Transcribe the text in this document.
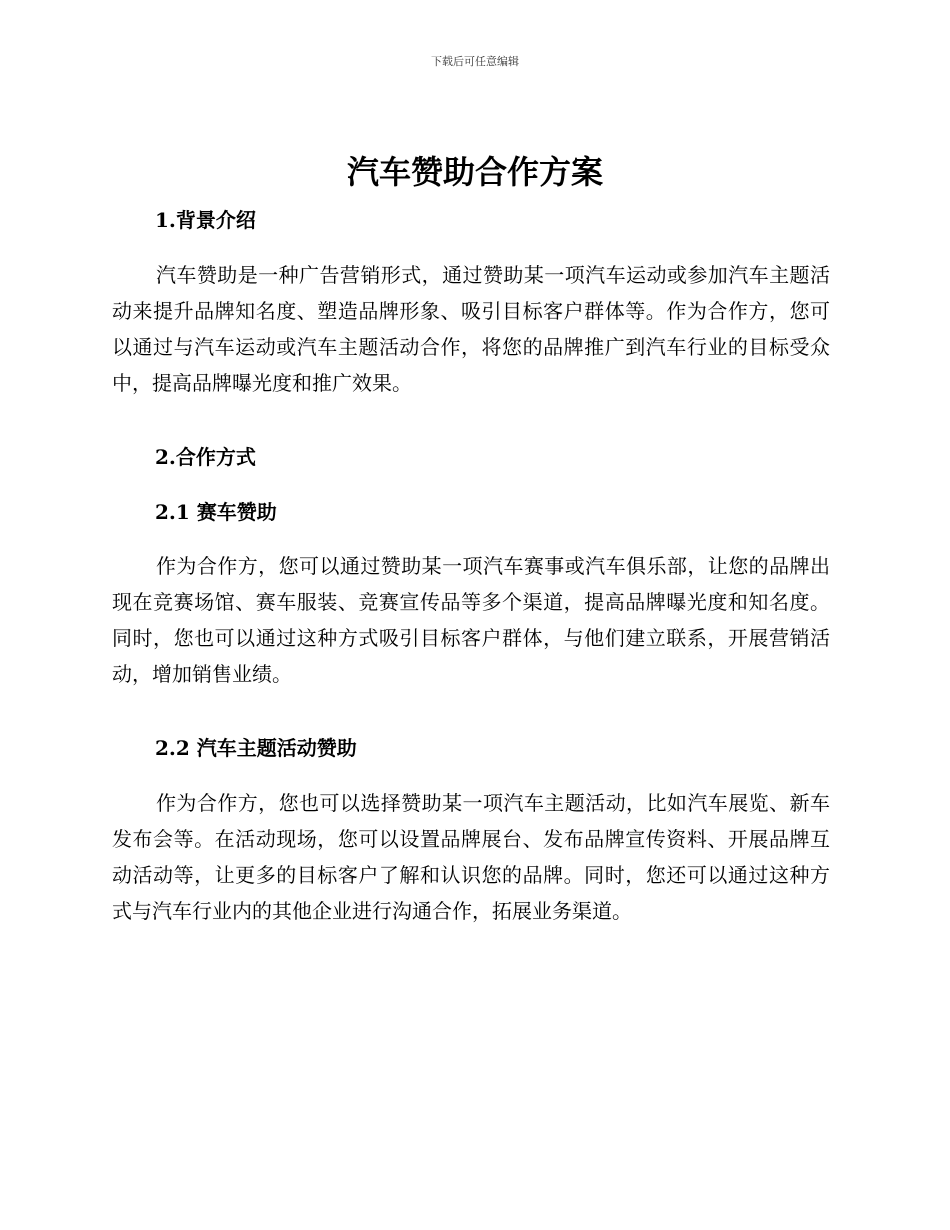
下载后可任意编辑
汽车赞助合作方案
1.背景介绍

汽车赞助是一种广告营销形式，通过赞助某一项汽车运动或参加汽车主题活动来提升品牌知名度、塑造品牌形象、吸引目标客户群体等。作为合作方，您可以通过与汽车运动或汽车主题活动合作，将您的品牌推广到汽车行业的目标受众中，提高品牌曝光度和推广效果。

2.合作方式
2.1 赛车赞助

作为合作方，您可以通过赞助某一项汽车赛事或汽车俱乐部，让您的品牌出现在竞赛场馆、赛车服装、竞赛宣传品等多个渠道，提高品牌曝光度和知名度。同时，您也可以通过这种方式吸引目标客户群体，与他们建立联系，开展营销活动，增加销售业绩。

2.2 汽车主题活动赞助

作为合作方，您也可以选择赞助某一项汽车主题活动，比如汽车展览、新车发布会等。在活动现场，您可以设置品牌展台、发布品牌宣传资料、开展品牌互动活动等，让更多的目标客户了解和认识您的品牌。同时，您还可以通过这种方式与汽车行业内的其他企业进行沟通合作，拓展业务渠道。
